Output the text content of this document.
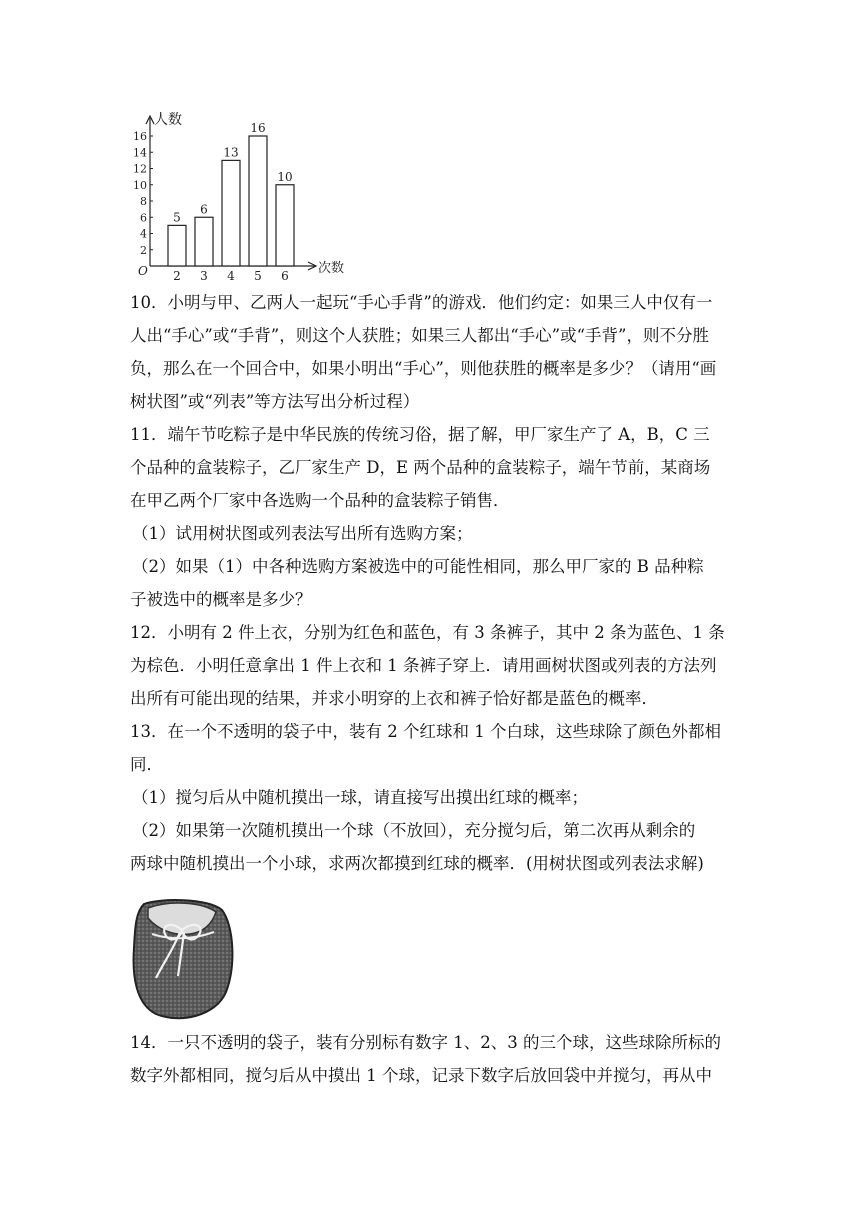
人数
次数
O
2
4
6
8
10
12
14
16
5
2
6
3
13
4
16
5
10
6

10．小明与甲、乙两人一起玩“手心手背”的游戏．他们约定：如果三人中仅有一

人出“手心”或“手背”，则这个人获胜；如果三人都出“手心”或“手背”，则不分胜

负，那么在一个回合中，如果小明出“手心”，则他获胜的概率是多少？（请用“画

树状图”或“列表”等方法写出分析过程）

11．端午节吃粽子是中华民族的传统习俗，据了解，甲厂家生产了 A，B，C 三

个品种的盒装粽子，乙厂家生产 D，E 两个品种的盒装粽子，端午节前，某商场

在甲乙两个厂家中各选购一个品种的盒装粽子销售．

（1）试用树状图或列表法写出所有选购方案；

（2）如果（1）中各种选购方案被选中的可能性相同，那么甲厂家的 B 品种粽

子被选中的概率是多少？

12．小明有 2 件上衣，分别为红色和蓝色，有 3 条裤子，其中 2 条为蓝色、1 条

为棕色．小明任意拿出 1 件上衣和 1 条裤子穿上．请用画树状图或列表的方法列

出所有可能出现的结果，并求小明穿的上衣和裤子恰好都是蓝色的概率．

13．在一个不透明的袋子中，装有 2 个红球和 1 个白球，这些球除了颜色外都相

同．

（1）搅匀后从中随机摸出一球，请直接写出摸出红球的概率；

（2）如果第一次随机摸出一个球（不放回），充分搅匀后，第二次再从剩余的

两球中随机摸出一个小球，求两次都摸到红球的概率．(用树状图或列表法求解)

14．一只不透明的袋子，装有分别标有数字 1、2、3 的三个球，这些球除所标的

数字外都相同，搅匀后从中摸出 1 个球，记录下数字后放回袋中并搅匀，再从中
